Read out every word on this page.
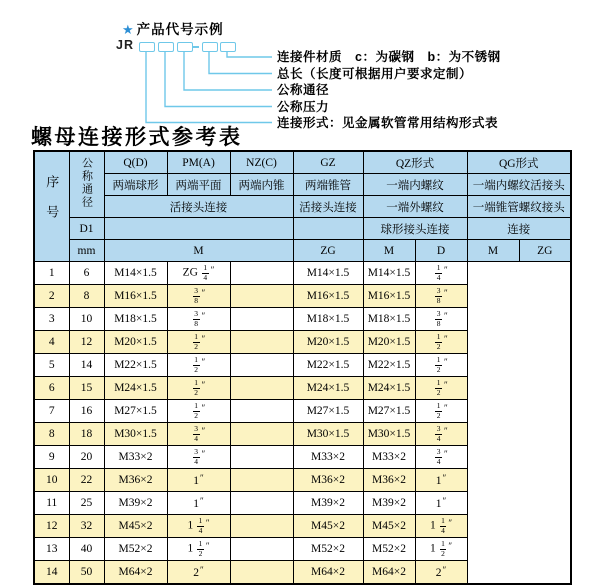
★ 产品代号示例
JR
连接件材质　c：为碳钢　b：为不锈钢
总长（长度可根据用户要求定制）
公称通径
公称压力
连接形式：见金属软管常用结构形式表
螺母连接形式参考表
序号	公称通径	Q(D)	PM(A)	NZ(C)	GZ	QZ形式		QG形式	
		两端球形	两端平面	两端内锥	两端锥管	一端内螺纹		一端内螺纹活接头	
		活接头连接			活接头连接	一端外螺纹		一端锥管螺纹接头	
	D1					球形接头连接		连接	
	mm	M			ZG	M	D	M	ZG
1	6	M14×1.5	ZG $\frac{1}{4} ''$		M14×1.5	M14×1.5	$\frac{1}{4} ''$
2	8	M16×1.5	$\frac{3}{8} ''$		M16×1.5	M16×1.5	$\frac{3}{8} ''$
3	10	M18×1.5	$\frac{3}{8} ''$		M18×1.5	M18×1.5	$\frac{3}{8} ''$
4	12	M20×1.5	$\frac{1}{2} ''$		M20×1.5	M20×1.5	$\frac{1}{2} ''$
5	14	M22×1.5	$\frac{1}{2} ''$		M22×1.5	M22×1.5	$\frac{1}{2} ''$
6	15	M24×1.5	$\frac{1}{2} ''$		M24×1.5	M24×1.5	$\frac{1}{2} ''$
7	16	M27×1.5	$\frac{1}{2} ''$		M27×1.5	M27×1.5	$\frac{1}{2} ''$
8	18	M30×1.5	$\frac{3}{4} ''$		M30×1.5	M30×1.5	$\frac{3}{4} ''$
9	20	M33×2	$\frac{3}{4} ''$		M33×2	M33×2	$\frac{3}{4} ''$
10	22	M36×2	1″		M36×2	M36×2	1″
11	25	M39×2	1″		M39×2	M39×2	1″
12	32	M45×2	$1 \frac{1}{4} ''$		M45×2	M45×2	$1 \frac{1}{4} ''$
13	40	M52×2	$1 \frac{1}{2} ''$		M52×2	M52×2	$1 \frac{1}{2} ''$
14	50	M64×2	2″		M64×2	M64×2	2″
